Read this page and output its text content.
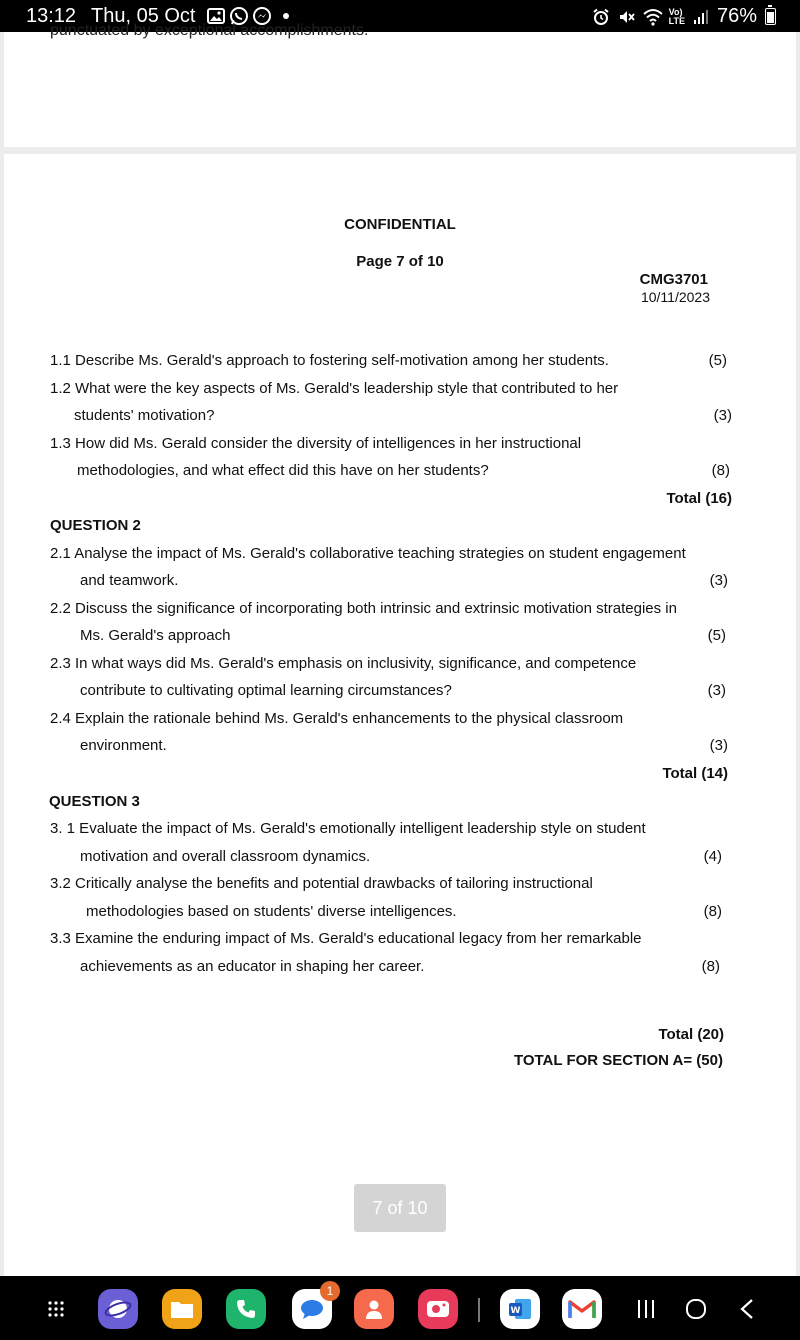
13:12 Thu, 05 Oct	Vo)
LTE 76%
punctuated by exceptional accomplishments.
CONFIDENTIAL
Page 7 of 10
CMG3701
10/11/2023
1.1 Describe Ms. Gerald's approach to fostering self-motivation among her students.	(5)
1.2 What were the key aspects of Ms. Gerald's leadership style that contributed to her
students' motivation?	(3)
1.3 How did Ms. Gerald consider the diversity of intelligences in her instructional
methodologies, and what effect did this have on her students?	(8)
Total (16)
QUESTION 2
2.1 Analyse the impact of Ms. Gerald's collaborative teaching strategies on student engagement
and teamwork.	(3)
2.2 Discuss the significance of incorporating both intrinsic and extrinsic motivation strategies in
Ms. Gerald's approach	(5)
2.3 In what ways did Ms. Gerald's emphasis on inclusivity, significance, and competence
contribute to cultivating optimal learning circumstances?	(3)
2.4 Explain the rationale behind Ms. Gerald's enhancements to the physical classroom
environment.	(3)
Total (14)
QUESTION 3
3. 1 Evaluate the impact of Ms. Gerald's emotionally intelligent leadership style on student
motivation and overall classroom dynamics.	(4)
3.2 Critically analyse the benefits and potential drawbacks of tailoring instructional
methodologies based on students' diverse intelligences.	(8)
3.3 Examine the enduring impact of Ms. Gerald's educational legacy from her remarkable
achievements as an educator in shaping her career.	(8)
Total (20)
TOTAL FOR SECTION A= (50)
7 of 10
1
W
